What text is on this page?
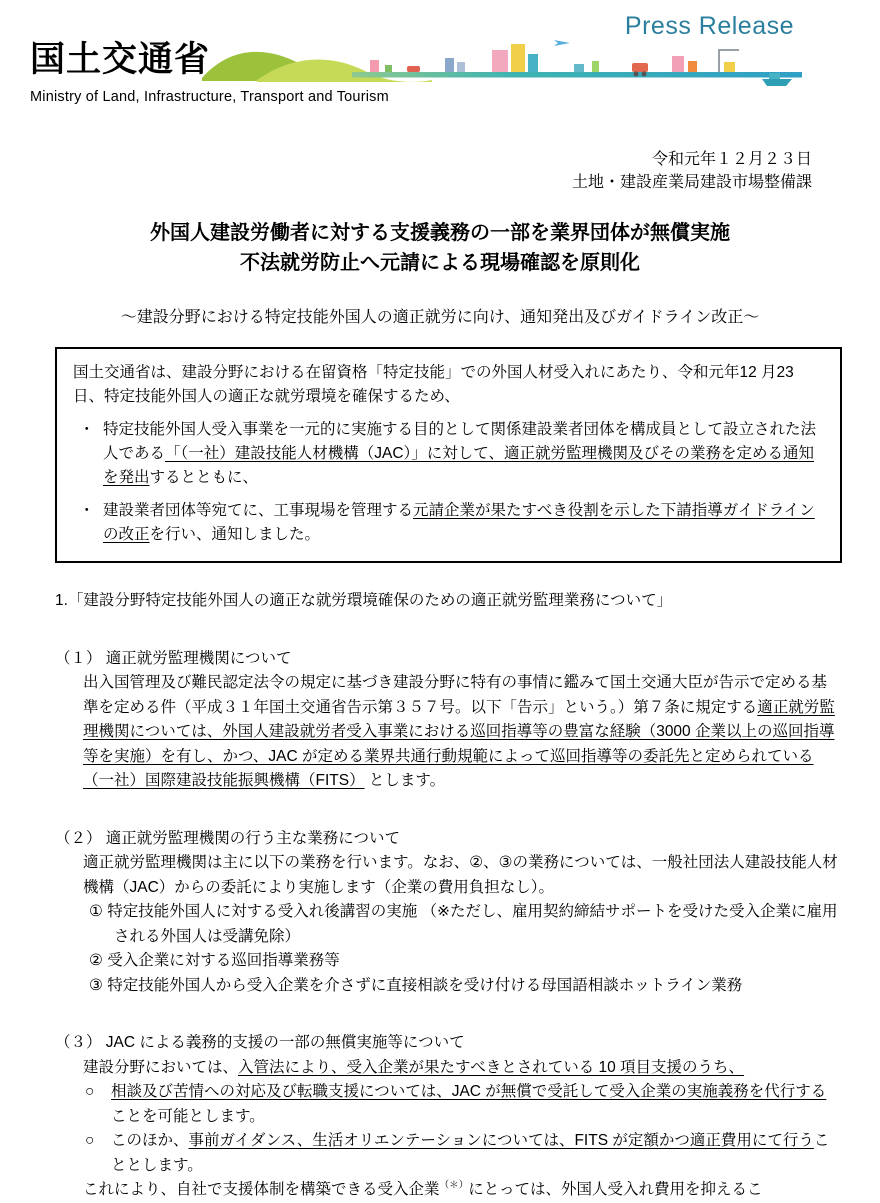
Press Release
国土交通省
Ministry of Land, Infrastructure, Transport and Tourism
令和元年１２月２３日
土地・建設産業局建設市場整備課
外国人建設労働者に対する支援義務の一部を業界団体が無償実施
不法就労防止へ元請による現場確認を原則化
～建設分野における特定技能外国人の適正就労に向け、通知発出及びガイドライン改正～

国土交通省は、建設分野における在留資格「特定技能」での外国人材受入れにあたり、令和元年12 月23 日、特定技能外国人の適正な就労環境を確保するため、

・ 特定技能外国人受入事業を一元的に実施する目的として関係建設業者団体を構成員として設立された法人である「（一社）建設技能人材機構（JAC）」に対して、適正就労監理機関及びその業務を定める通知を発出するとともに、
・ 建設業者団体等宛てに、工事現場を管理する元請企業が果たすべき役割を示した下請指導ガイドラインの改正を行い、通知しました。

1.「建設分野特定技能外国人の適正な就労環境確保のための適正就労監理業務について」

（１） 適正就労監理機関について

出入国管理及び難民認定法令の規定に基づき建設分野に特有の事情に鑑みて国土交通大臣が告示で定める基準を定める件（平成３１年国土交通省告示第３５７号。以下「告示」という。）第７条に規定する適正就労監理機関については、外国人建設就労者受入事業における巡回指導等の豊富な経験（3000 企業以上の巡回指導等を実施）を有し、かつ、JAC が定める業界共通行動規範によって巡回指導等の委託先と定められている（一社）国際建設技能振興機構（FITS） とします。

（２） 適正就労監理機関の行う主な業務について

適正就労監理機関は主に以下の業務を行います。なお、②、③の業務については、一般社団法人建設技能人材機構（JAC）からの委託により実施します（企業の費用負担なし）。

① 特定技能外国人に対する受入れ後講習の実施 （※ただし、雇用契約締結サポートを受けた受入企業に雇用される外国人は受講免除）

② 受入企業に対する巡回指導業務等

③ 特定技能外国人から受入企業を介さずに直接相談を受け付ける母国語相談ホットライン業務

（３） JAC による義務的支援の一部の無償実施等について

建設分野においては、入管法により、受入企業が果たすべきとされている 10 項目支援のうち、

○	相談及び苦情への対応及び転職支援については、JAC が無償で受託して受入企業の実施義務を代行することを可能とします。
○	このほか、事前ガイダンス、生活オリエンテーションについては、FITS が定額かつ適正費用にて行うこととします。

これにより、自社で支援体制を構築できる受入企業（＊）にとっては、外国人受入れ費用を抑えるこ
